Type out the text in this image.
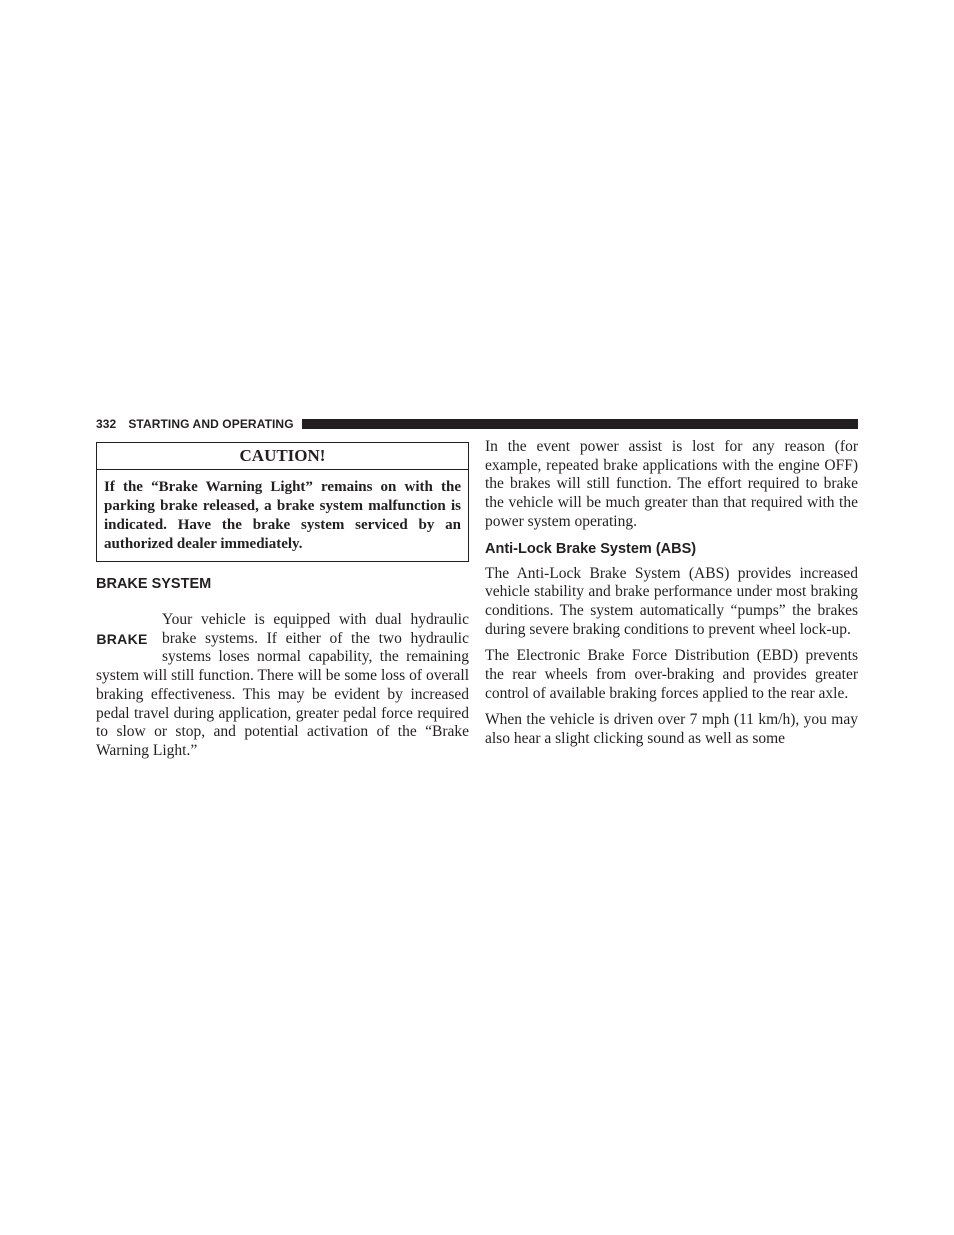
332 STARTING AND OPERATING
CAUTION!
If the “Brake Warning Light” remains on with the parking brake released, a brake system malfunction is indicated. Have the brake system serviced by an authorized dealer immediately.
BRAKE SYSTEM
BRAKE

Your vehicle is equipped with dual hydraulic brake systems. If either of the two hydraulic systems loses normal capability, the remaining system will still function. There will be some loss of overall braking effectiveness. This may be evident by increased pedal travel during application, greater pedal force required to slow or stop, and potential activation of the “Brake Warning Light.”

In the event power assist is lost for any reason (for example, repeated brake applications with the engine OFF) the brakes will still function. The effort required to brake the vehicle will be much greater than that required with the power system operating.

Anti-Lock Brake System (ABS)

The Anti-Lock Brake System (ABS) provides increased vehicle stability and brake performance under most braking conditions. The system automatically “pumps” the brakes during severe braking conditions to prevent wheel lock-up.

The Electronic Brake Force Distribution (EBD) prevents the rear wheels from over-braking and provides greater control of available braking forces applied to the rear axle.

When the vehicle is driven over 7 mph (11 km/h), you may also hear a slight clicking sound as well as some
